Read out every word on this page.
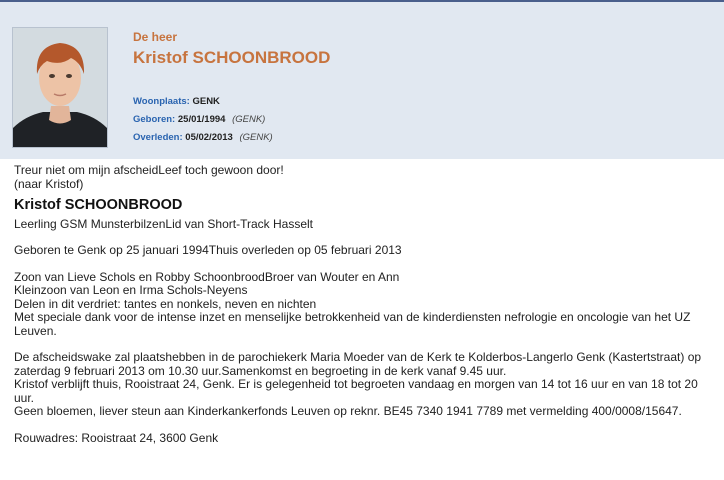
De heer
Kristof SCHOONBROOD
Woonplaats: GENK
Geboren: 25/01/1994 (GENK)
Overleden: 05/02/2013 (GENK)

Treur niet om mijn afscheidLeef toch gewoon door!

(naar Kristof)

Kristof SCHOONBROOD

Leerling GSM MunsterbilzenLid van Short-Track Hasselt

Geboren te Genk op 25 januari 1994Thuis overleden op 05 februari 2013

Zoon van Lieve Schols en Robby SchoonbroodBroer van Wouter en Ann

Kleinzoon van Leon en Irma Schols-Neyens

Delen in dit verdriet: tantes en nonkels, neven en nichten

Met speciale dank voor de intense inzet en menselijke betrokkenheid van de kinderdiensten nefrologie en oncologie van het UZ Leuven.

De afscheidswake zal plaatshebben in de parochiekerk Maria Moeder van de Kerk te Kolderbos-Langerlo Genk (Kastertstraat) op zaterdag 9 februari 2013 om 10.30 uur.Samenkomst en begroeting in de kerk vanaf 9.45 uur.

Kristof verblijft thuis, Rooistraat 24, Genk. Er is gelegenheid tot begroeten vandaag en morgen van 14 tot 16 uur en van 18 tot 20 uur.

Geen bloemen, liever steun aan Kinderkankerfonds Leuven op reknr. BE45 7340 1941 7789 met vermelding 400/0008/15647.

Rouwadres: Rooistraat 24, 3600 Genk
